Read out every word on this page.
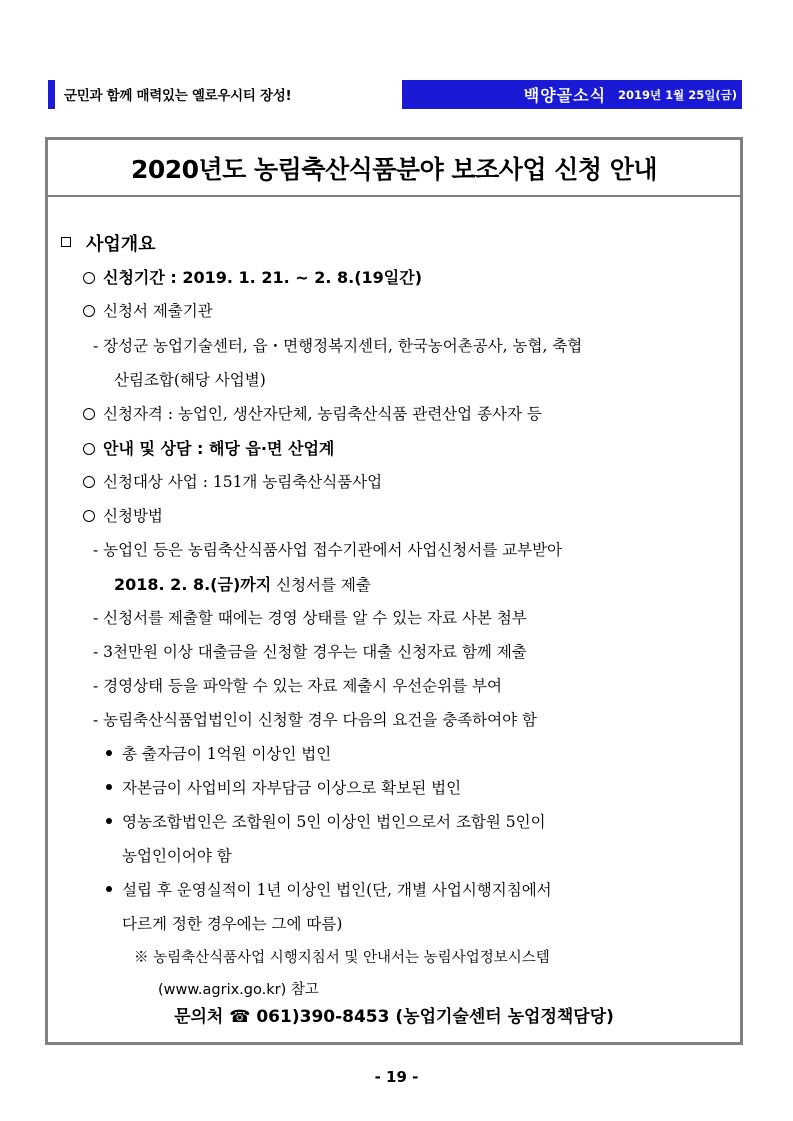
군민과 함께 매력있는 옐로우시티 장성!	백양골소식 2019년 1월 25일(금)
2020년도 농림축산식품분야 보조사업 신청 안내
사업개요
신청기간 : 2019. 1. 21. ~ 2. 8.(19일간)
신청서 제출기관
- 장성군 농업기술센터, 읍・면행정복지센터, 한국농어촌공사, 농협, 축협
산림조합(해당 사업별)
신청자격 : 농업인, 생산자단체, 농림축산식품 관련산업 종사자 등
안내 및 상담 : 해당 읍·면 산업계
신청대상 사업 : 151개 농림축산식품사업
신청방법
- 농업인 등은 농림축산식품사업 접수기관에서 사업신청서를 교부받아
2018. 2. 8.(금)까지 신청서를 제출
- 신청서를 제출할 때에는 경영 상태를 알 수 있는 자료 사본 첨부
- 3천만원 이상 대출금을 신청할 경우는 대출 신청자료 함께 제출
- 경영상태 등을 파악할 수 있는 자료 제출시 우선순위를 부여
- 농림축산식품업법인이 신청할 경우 다음의 요건을 충족하여야 함
총 출자금이 1억원 이상인 법인
자본금이 사업비의 자부담금 이상으로 확보된 법인
영농조합법인은 조합원이 5인 이상인 법인으로서 조합원 5인이
농업인이어야 함
설립 후 운영실적이 1년 이상인 법인(단, 개별 사업시행지침에서
다르게 정한 경우에는 그에 따름)
※ 농림축산식품사업 시행지침서 및 안내서는 농림사업정보시스템
(www.agrix.go.kr) 참고
문의처 ☎ 061)390-8453 (농업기술센터 농업정책담당)
- 19 -
